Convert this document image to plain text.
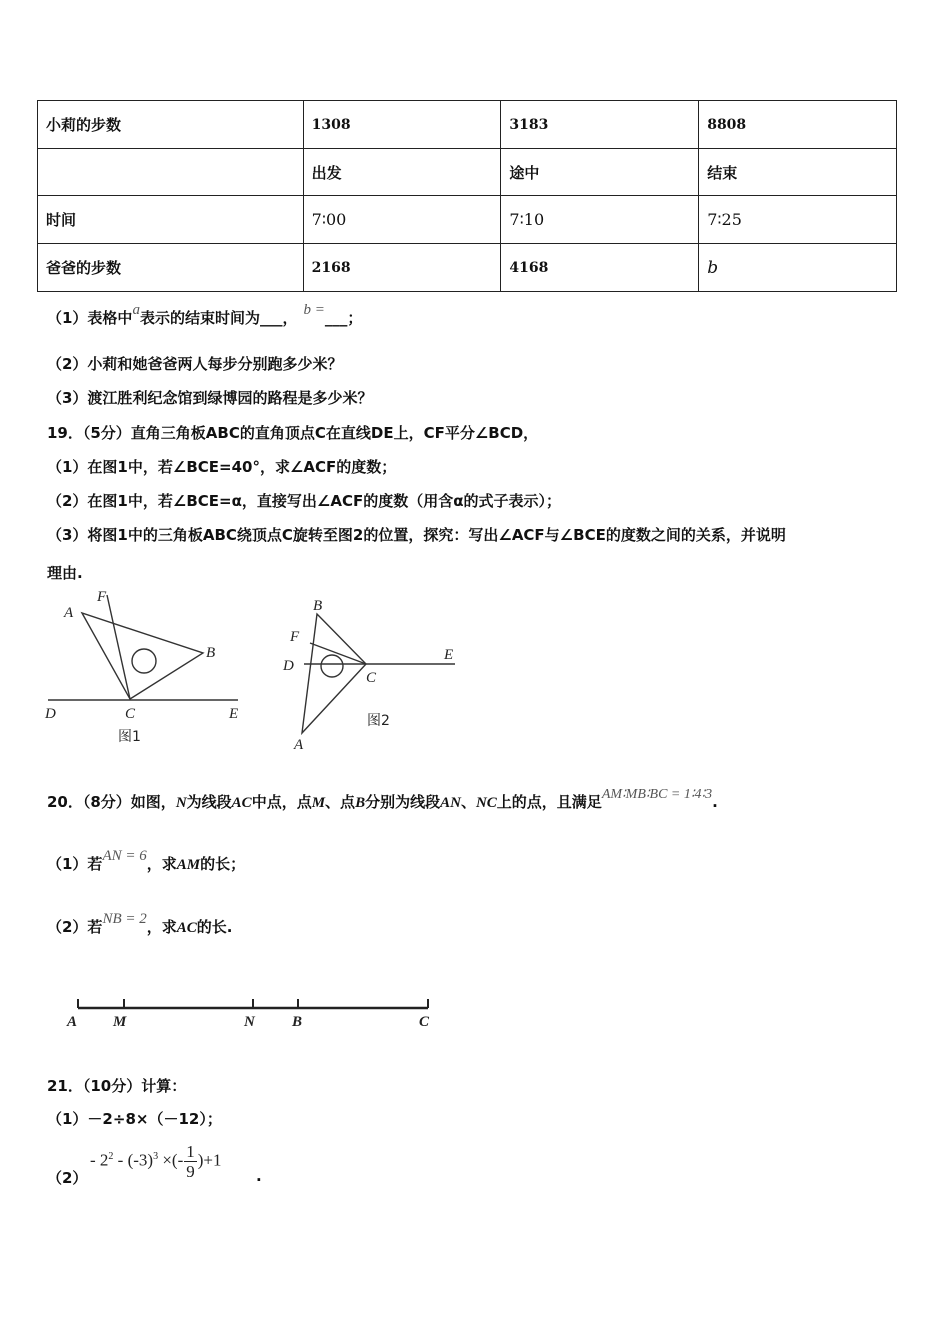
小莉的步数	1308	3183	8808
	出发	途中	结束
时间	7∶00	7∶10	7∶25
爸爸的步数	2168	4168	b
（1）表格中a表示的结束时间为___， b =___；
（2）小莉和她爸爸两人每步分别跑多少米？
（3）渡江胜利纪念馆到绿博园的路程是多少米？
19．（5分）直角三角板ABC的直角顶点C在直线DE上，CF平分∠BCD，
（1）在图1中，若∠BCE=40°，求∠ACF的度数；
（2）在图1中，若∠BCE=α，直接写出∠ACF的度数（用含α的式子表示）；
（3）将图1中的三角板ABC绕顶点C旋转至图2的位置，探究：写出∠ACF与∠BCE的度数之间的关系，并说明
理由.
A
F
B
D	C	E
图1
B
F
D
E
C
A
图2
20．（8分）如图，N为线段AC中点，点M、点B分别为线段AN、NC上的点，且满足AM∶MB∶BC = 1∶4∶3.
（1）若AN = 6，求AM的长；
（2）若NB = 2，求AC的长.
A M	N B	C
21．（10分）计算：
（1）－2÷8×（－12）；
（2）
- $2^2 - (-3)^3$ ×(- $\frac{1}{9} )+1$
.
